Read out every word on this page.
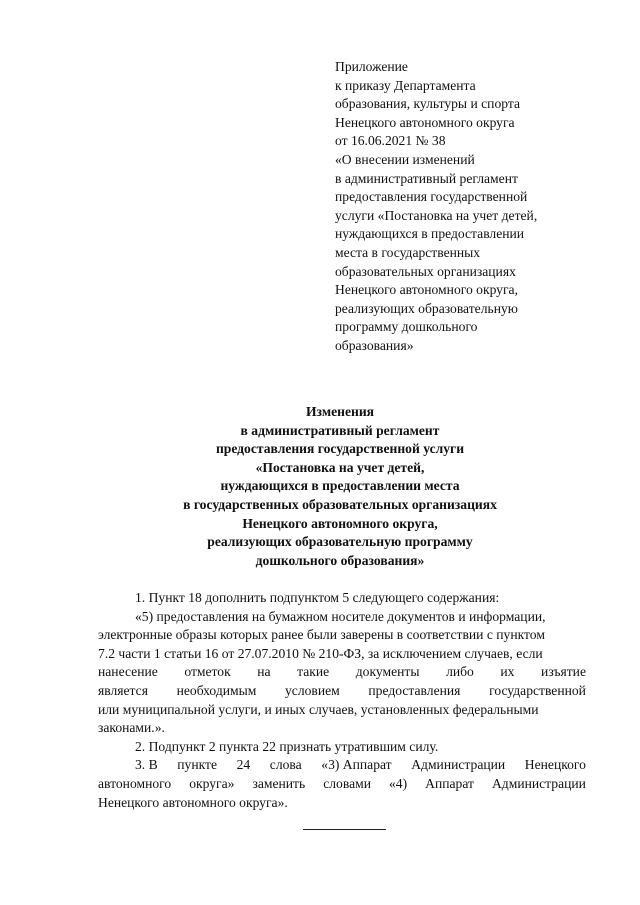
Приложение
к приказу Департамента
образования, культуры и спорта
Ненецкого автономного округа
от 16.06.2021 № 38
«О внесении изменений
в административный регламент
предоставления государственной
услуги «Постановка на учет детей,
нуждающихся в предоставлении
места в государственных
образовательных организациях
Ненецкого автономного округа,
реализующих образовательную
программу дошкольного
образования»
Изменения
в административный регламент
предоставления государственной услуги
«Постановка на учет детей,
нуждающихся в предоставлении места
в государственных образовательных организациях
Ненецкого автономного округа,
реализующих образовательную программу
дошкольного образования»
1. Пункт 18 дополнить подпунктом 5 следующего содержания:
«5) предоставления на бумажном носителе документов и информации,
электронные образы которых ранее были заверены в соответствии с пунктом
7.2 части 1 статьи 16 от 27.07.2010 № 210-ФЗ, за исключением случаев, если
нанесение отметок на такие документы либо их изъятие
является необходимым условием предоставления государственной
или муниципальной услуги, и иных случаев, установленных федеральными
законами.».
2. Подпункт 2 пункта 22 признать утратившим силу.
3. В пункте 24 слова «3) Аппарат Администрации Ненецкого
автономного округа» заменить словами «4) Аппарат Администрации
Ненецкого автономного округа».
